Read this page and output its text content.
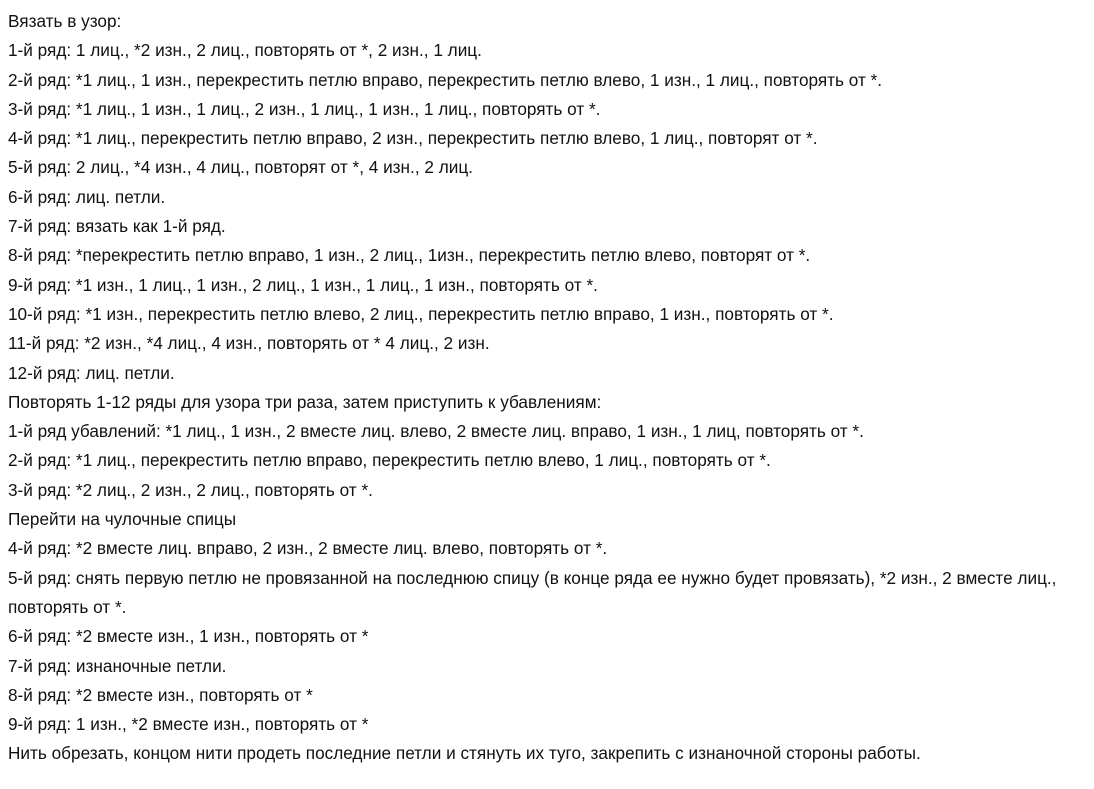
Вязать в узор:
1-й ряд: 1 лиц., *2 изн., 2 лиц., повторять от *, 2 изн., 1 лиц.
2-й ряд: *1 лиц., 1 изн., перекрестить петлю вправо, перекрестить петлю влево, 1 изн., 1 лиц., повторять от *.
3-й ряд: *1 лиц., 1 изн., 1 лиц., 2 изн., 1 лиц., 1 изн., 1 лиц., повторять от *.
4-й ряд: *1 лиц., перекрестить петлю вправо, 2 изн., перекрестить петлю влево, 1 лиц., повторят от *.
5-й ряд: 2 лиц., *4 изн., 4 лиц., повторят от *, 4 изн., 2 лиц.
6-й ряд: лиц. петли.
7-й ряд: вязать как 1-й ряд.
8-й ряд: *перекрестить петлю вправо, 1 изн., 2 лиц., 1изн., перекрестить петлю влево, повторят от *.
9-й ряд: *1 изн., 1 лиц., 1 изн., 2 лиц., 1 изн., 1 лиц., 1 изн., повторять от *.
10-й ряд: *1 изн., перекрестить петлю влево, 2 лиц., перекрестить петлю вправо, 1 изн., повторять от *.
11-й ряд: *2 изн., *4 лиц., 4 изн., повторять от * 4 лиц., 2 изн.
12-й ряд: лиц. петли.
Повторять 1-12 ряды для узора три раза, затем приступить к убавлениям:
1-й ряд убавлений: *1 лиц., 1 изн., 2 вместе лиц. влево, 2 вместе лиц. вправо, 1 изн., 1 лиц, повторять от *.
2-й ряд: *1 лиц., перекрестить петлю вправо, перекрестить петлю влево, 1 лиц., повторять от *.
3-й ряд: *2 лиц., 2 изн., 2 лиц., повторять от *.
Перейти на чулочные спицы
4-й ряд: *2 вместе лиц. вправо, 2 изн., 2 вместе лиц. влево, повторять от *.
5-й ряд: снять первую петлю не провязанной на последнюю спицу (в конце ряда ее нужно будет провязать), *2 изн., 2 вместе лиц., повторять от *.
6-й ряд: *2 вместе изн., 1 изн., повторять от *
7-й ряд: изнаночные петли.
8-й ряд: *2 вместе изн., повторять от *
9-й ряд: 1 изн., *2 вместе изн., повторять от *
Нить обрезать, концом нити продеть последние петли и стянуть их туго, закрепить с изнаночной стороны работы.
